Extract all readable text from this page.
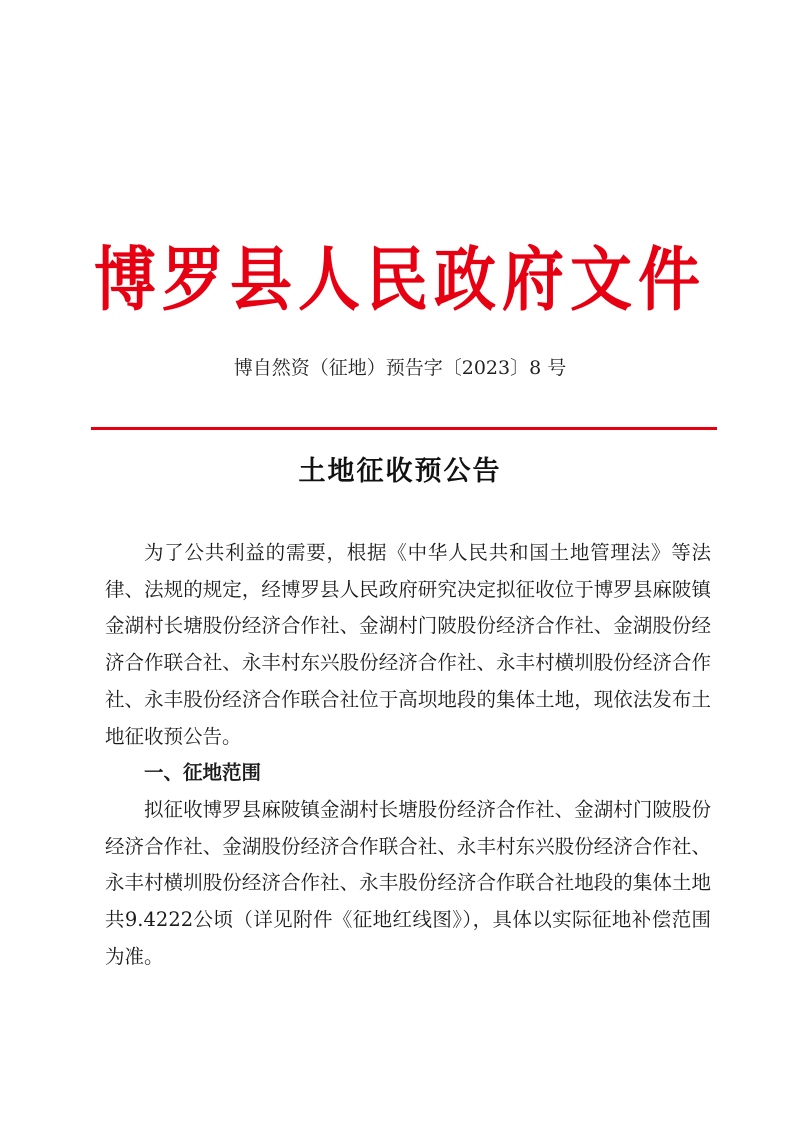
博罗县人民政府文件
博自然资（征地）预告字〔2023〕8 号
土地征收预公告

为了公共利益的需要，根据《中华人民共和国土地管理法》等法律、法规的规定，经博罗县人民政府研究决定拟征收位于博罗县麻陂镇金湖村长塘股份经济合作社、金湖村门陂股份经济合作社、金湖股份经济合作联合社、永丰村东兴股份经济合作社、永丰村横圳股份经济合作社、永丰股份经济合作联合社位于高坝地段的集体土地，现依法发布土地征收预公告。

一、征地范围

拟征收博罗县麻陂镇金湖村长塘股份经济合作社、金湖村门陂股份经济合作社、金湖股份经济合作联合社、永丰村东兴股份经济合作社、永丰村横圳股份经济合作社、永丰股份经济合作联合社地段的集体土地共9.4222公顷（详见附件《征地红线图》），具体以实际征地补偿范围为准。
